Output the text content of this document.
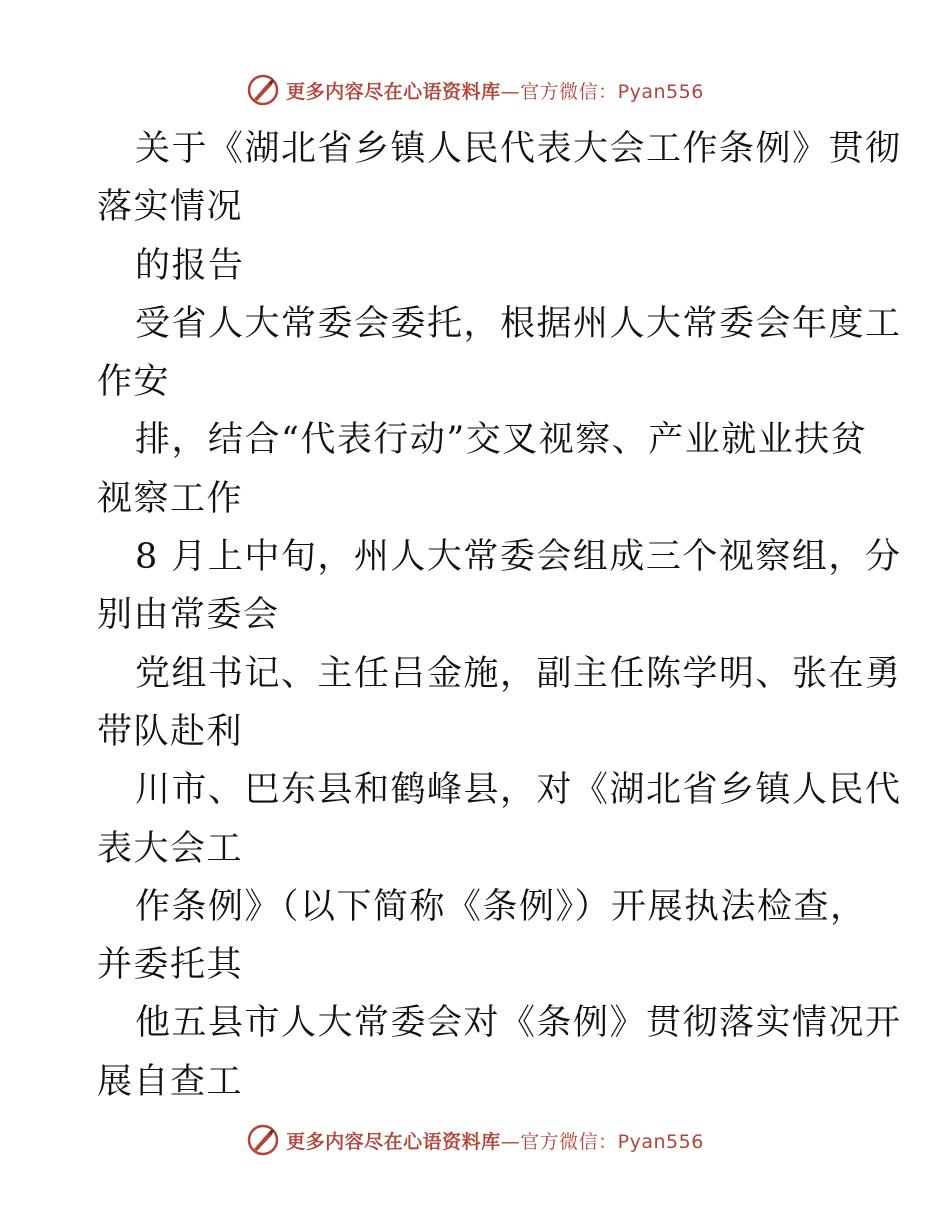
更多内容尽在心语资料库 —官方微信：Pyan556
关于《湖北省乡镇人民代表大会工作条例》贯彻
落实情况
的报告
受省人大常委会委托，根据州人大常委会年度工
作安
排，结合“代表行动”交叉视察、产业就业扶贫
视察工作
8 月上中旬，州人大常委会组成三个视察组，分
别由常委会
党组书记、主任吕金施，副主任陈学明、张在勇
带队赴利
川市、巴东县和鹤峰县，对《湖北省乡镇人民代
表大会工
作条例》（以下简称《条例》）开展执法检查，
并委托其
他五县市人大常委会对《条例》贯彻落实情况开
展自查工
更多内容尽在心语资料库 —官方微信：Pyan556
